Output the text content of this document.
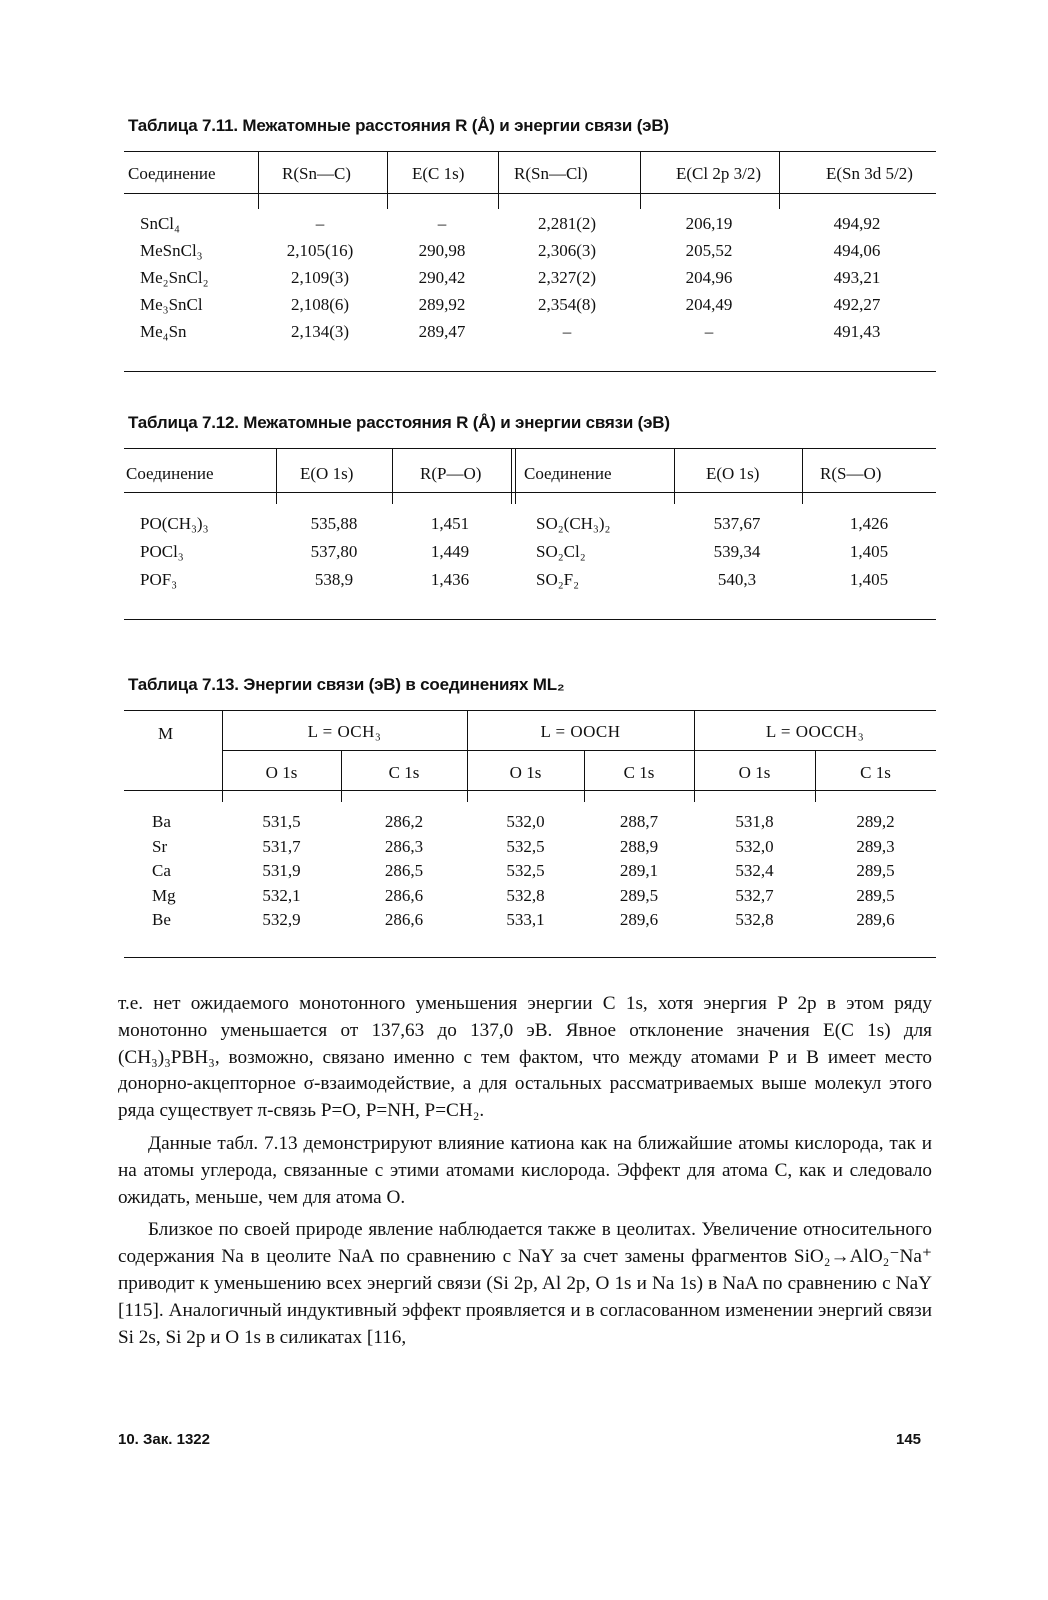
Таблица 7.11. Межатомные расстояния R (Å) и энергии связи (эВ)
Соединение	R(Sn—C)	E(C 1s)	R(Sn—Cl)	E(Cl 2p 3/2)	E(Sn 3d 5/2)
SnCl₄	–	–	2,281(2)	206,19	494,92
MeSnCl₃	2,105(16)	290,98	2,306(3)	205,52	494,06
Me₂SnCl₂	2,109(3)	290,42	2,327(2)	204,96	493,21
Me₃SnCl	2,108(6)	289,92	2,354(8)	204,49	492,27
Me₄Sn	2,134(3)	289,47	–	–	491,43
Таблица 7.12. Межатомные расстояния R (Å) и энергии связи (эВ)
Соединение	E(O 1s)	R(P—O)	Соединение	E(O 1s)	R(S—O)
PO(CH₃)₃	535,88	1,451	SO₂(CH₃)₂	537,67	1,426
POCl₃	537,80	1,449	SO₂Cl₂	539,34	1,405
POF₃	538,9	1,436	SO₂F₂	540,3	1,405
Таблица 7.13. Энергии связи (эВ) в соединениях ML₂
M	L = OCH₃	L = OOCH	L = OOCCH₃
O 1s	C 1s	O 1s	C 1s	O 1s	C 1s
Ba	531,5	286,2	532,0	288,7	531,8	289,2
Sr	531,7	286,3	532,5	288,9	532,0	289,3
Ca	531,9	286,5	532,5	289,1	532,4	289,5
Mg	532,1	286,6	532,8	289,5	532,7	289,5
Be	532,9	286,6	533,1	289,6	532,8	289,6

т.е. нет ожидаемого монотонного уменьшения энергии C 1s, хотя энергия P 2p в этом ряду монотонно уменьшается от 137,63 до 137,0 эВ. Явное отклонение значения E(C 1s) для (CH₃)₃PBH₃, возможно, связано именно с тем фактом, что между атомами P и B имеет место донорно-акцепторное σ-взаимодействие, а для остальных рассматриваемых выше молекул этого ряда существует π-связь P=O, P=NH, P=CH₂.

Данные табл. 7.13 демонстрируют влияние катиона как на ближайшие атомы кислорода, так и на атомы углерода, связанные с этими атомами кислорода. Эффект для атома C, как и следовало ожидать, меньше, чем для атома O.

Близкое по своей природе явление наблюдается также в цеолитах. Увеличение относительного содержания Na в цеолите NaA по сравнению с NaY за счет замены фрагментов SiO₂→AlO₂⁻Na⁺ приводит к уменьшению всех энергий связи (Si 2p, Al 2p, O 1s и Na 1s) в NaA по сравнению с NaY [115]. Аналогичный индуктивный эффект проявляется и в согласованном изменении энергий связи Si 2s, Si 2p и O 1s в силикатах [116,

10. Зак. 1322	145
